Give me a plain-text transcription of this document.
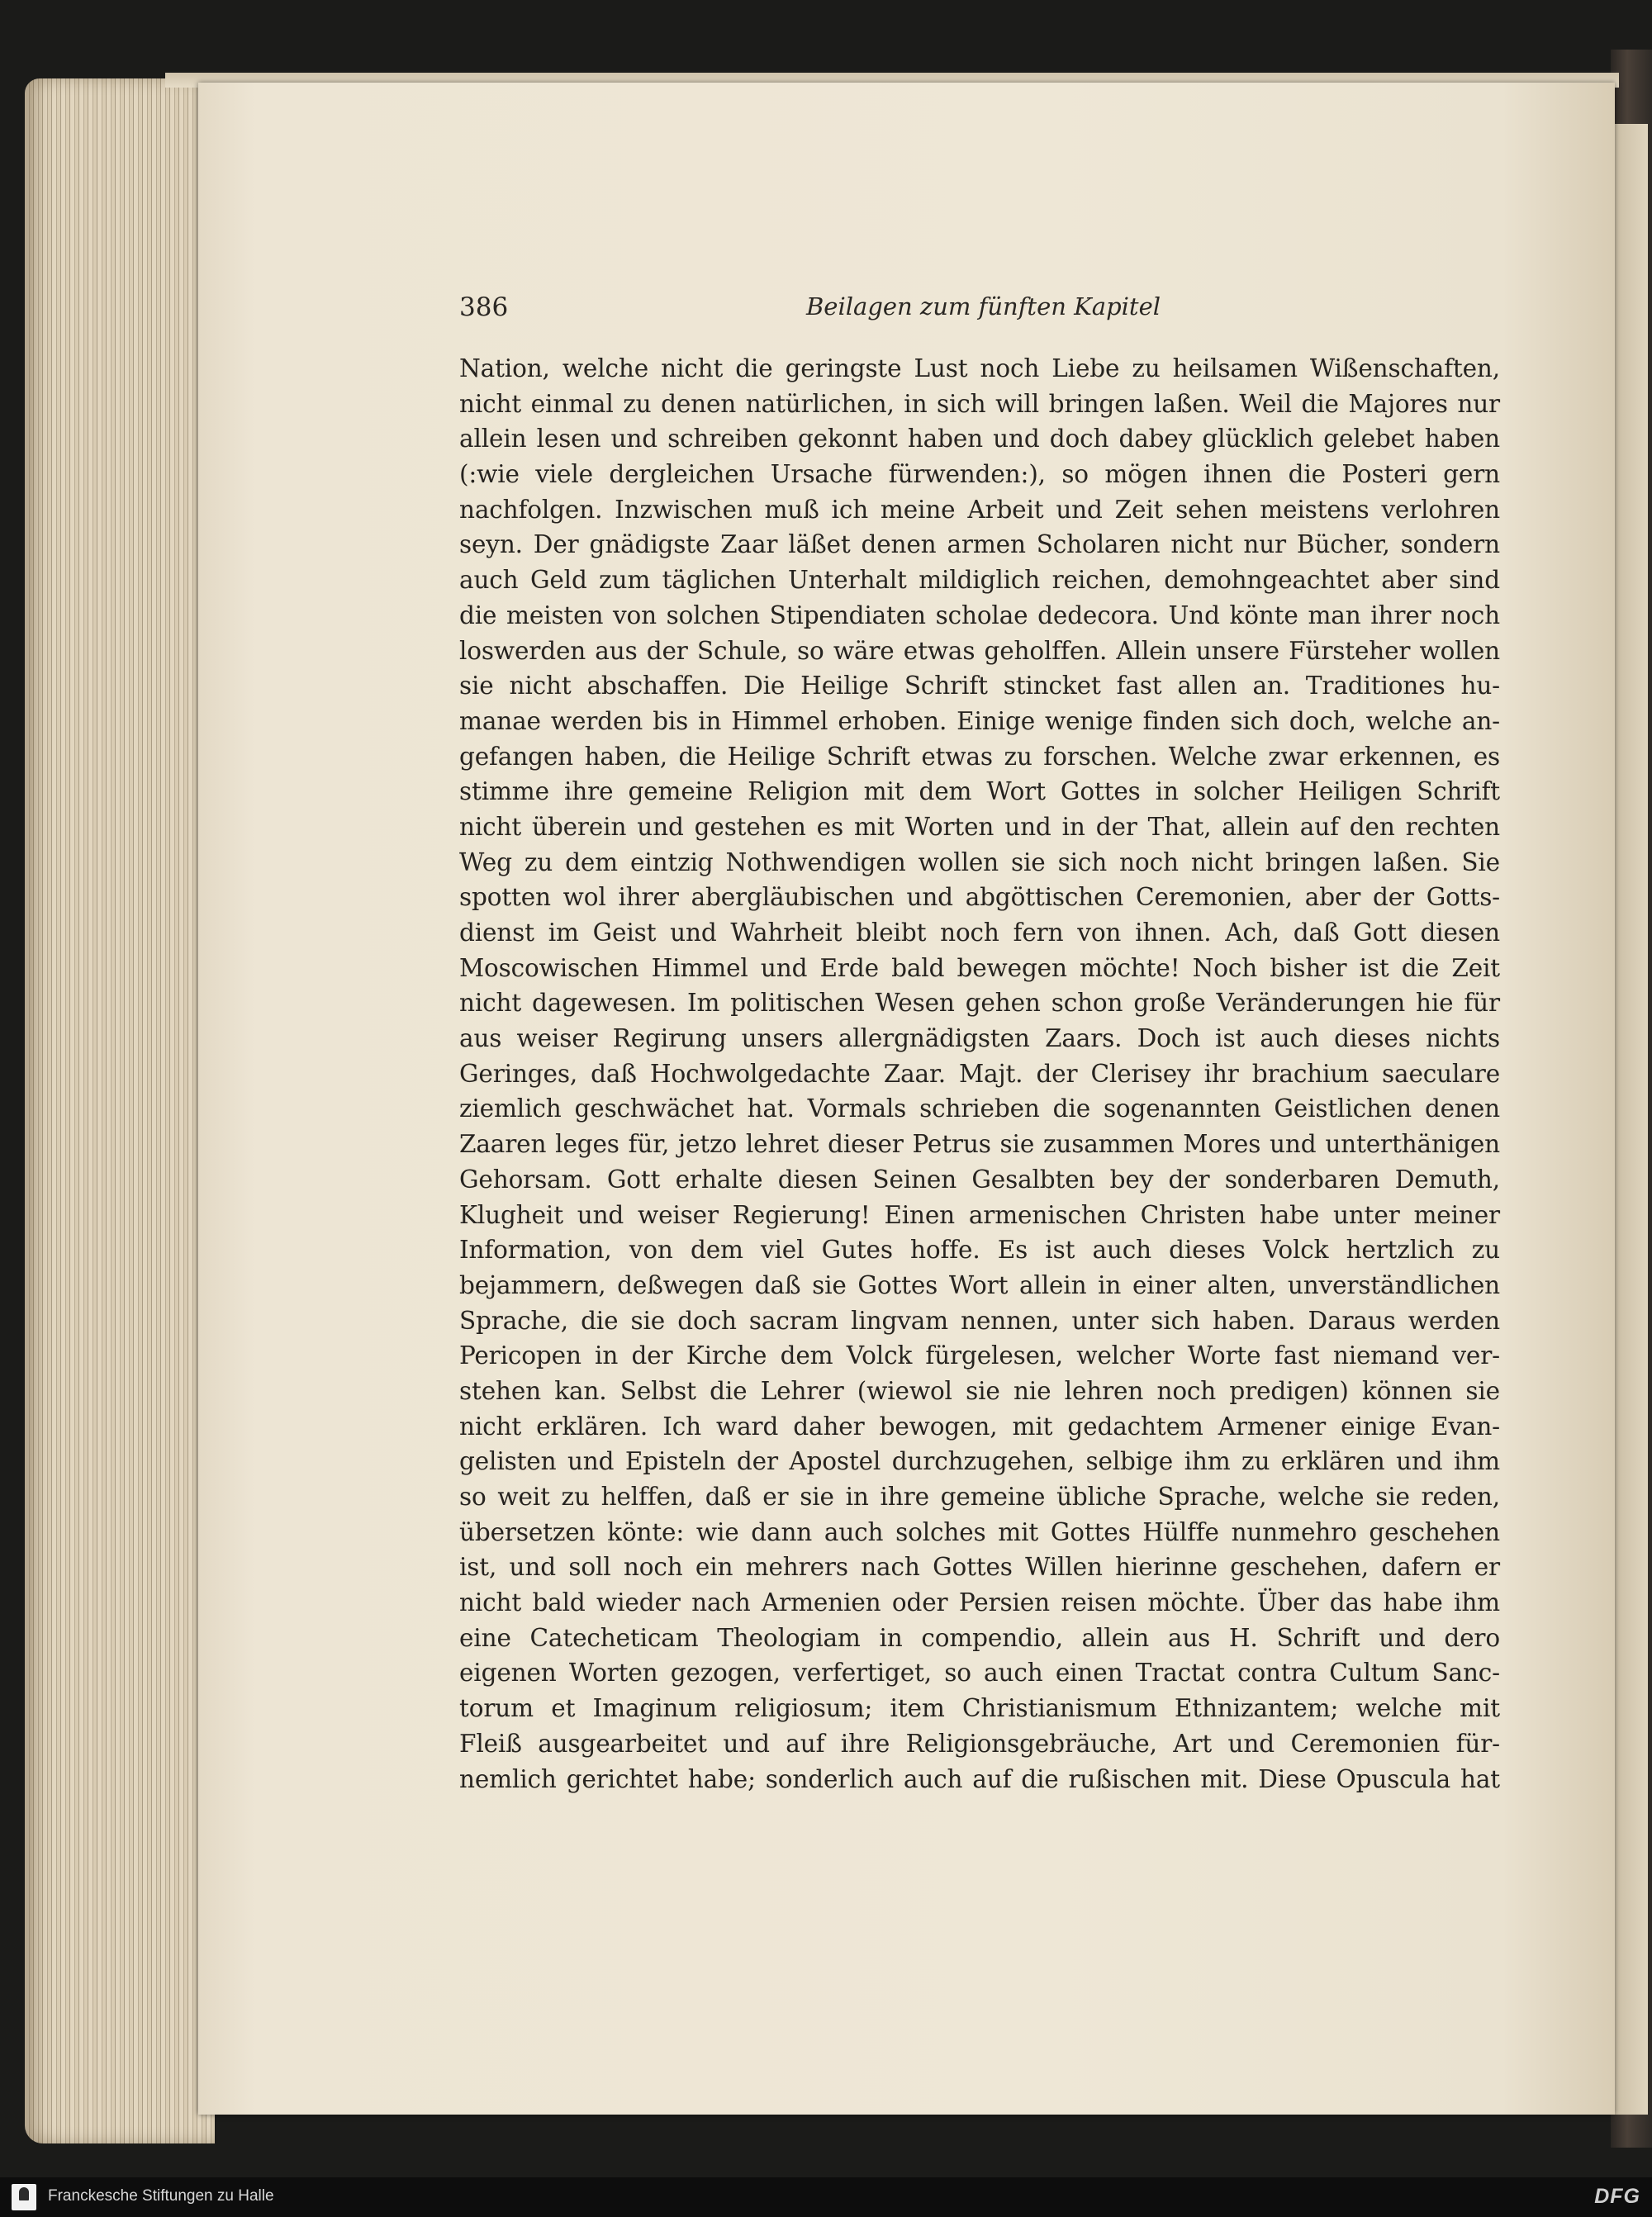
386	Beilagen zum fünften Kapitel
Nation, welche nicht die geringste Lust noch Liebe zu heilsamen Wißenschaften,
nicht einmal zu denen natürlichen, in sich will bringen laßen. Weil die Majores nur
allein lesen und schreiben gekonnt haben und doch dabey glücklich gelebet haben
(:wie viele dergleichen Ursache fürwenden:), so mögen ihnen die Posteri gern
nachfolgen. Inzwischen muß ich meine Arbeit und Zeit sehen meistens verlohren
seyn. Der gnädigste Zaar läßet denen armen Scholaren nicht nur Bücher, sondern
auch Geld zum täglichen Unterhalt mildiglich reichen, demohngeachtet aber sind
die meisten von solchen Stipendiaten scholae dedecora. Und könte man ihrer noch
loswerden aus der Schule, so wäre etwas geholffen. Allein unsere Fürsteher wollen
sie nicht abschaffen. Die Heilige Schrift stincket fast allen an. Traditiones hu-
manae werden bis in Himmel erhoben. Einige wenige finden sich doch, welche an-
gefangen haben, die Heilige Schrift etwas zu forschen. Welche zwar erkennen, es
stimme ihre gemeine Religion mit dem Wort Gottes in solcher Heiligen Schrift
nicht überein und gestehen es mit Worten und in der That, allein auf den rechten
Weg zu dem eintzig Nothwendigen wollen sie sich noch nicht bringen laßen. Sie
spotten wol ihrer abergläubischen und abgöttischen Ceremonien, aber der Gotts-
dienst im Geist und Wahrheit bleibt noch fern von ihnen. Ach, daß Gott diesen
Moscowischen Himmel und Erde bald bewegen möchte! Noch bisher ist die Zeit
nicht dagewesen. Im politischen Wesen gehen schon große Veränderungen hie für
aus weiser Regirung unsers allergnädigsten Zaars. Doch ist auch dieses nichts
Geringes, daß Hochwolgedachte Zaar. Majt. der Clerisey ihr brachium saeculare
ziemlich geschwächet hat. Vormals schrieben die sogenannten Geistlichen denen
Zaaren leges für, jetzo lehret dieser Petrus sie zusammen Mores und unterthänigen
Gehorsam. Gott erhalte diesen Seinen Gesalbten bey der sonderbaren Demuth,
Klugheit und weiser Regierung! Einen armenischen Christen habe unter meiner
Information, von dem viel Gutes hoffe. Es ist auch dieses Volck hertzlich zu
bejammern, deßwegen daß sie Gottes Wort allein in einer alten, unverständlichen
Sprache, die sie doch sacram lingvam nennen, unter sich haben. Daraus werden
Pericopen in der Kirche dem Volck fürgelesen, welcher Worte fast niemand ver-
stehen kan. Selbst die Lehrer (wiewol sie nie lehren noch predigen) können sie
nicht erklären. Ich ward daher bewogen, mit gedachtem Armener einige Evan-
gelisten und Episteln der Apostel durchzugehen, selbige ihm zu erklären und ihm
so weit zu helffen, daß er sie in ihre gemeine übliche Sprache, welche sie reden,
übersetzen könte: wie dann auch solches mit Gottes Hülffe nunmehro geschehen
ist, und soll noch ein mehrers nach Gottes Willen hierinne geschehen, dafern er
nicht bald wieder nach Armenien oder Persien reisen möchte. Über das habe ihm
eine Catecheticam Theologiam in compendio, allein aus H. Schrift und dero
eigenen Worten gezogen, verfertiget, so auch einen Tractat contra Cultum Sanc-
torum et Imaginum religiosum; item Christianismum Ethnizantem; welche mit
Fleiß ausgearbeitet und auf ihre Religionsgebräuche, Art und Ceremonien für-
nemlich gerichtet habe; sonderlich auch auf die rußischen mit. Diese Opuscula hat
Franckesche Stiftungen zu Halle	DFG
